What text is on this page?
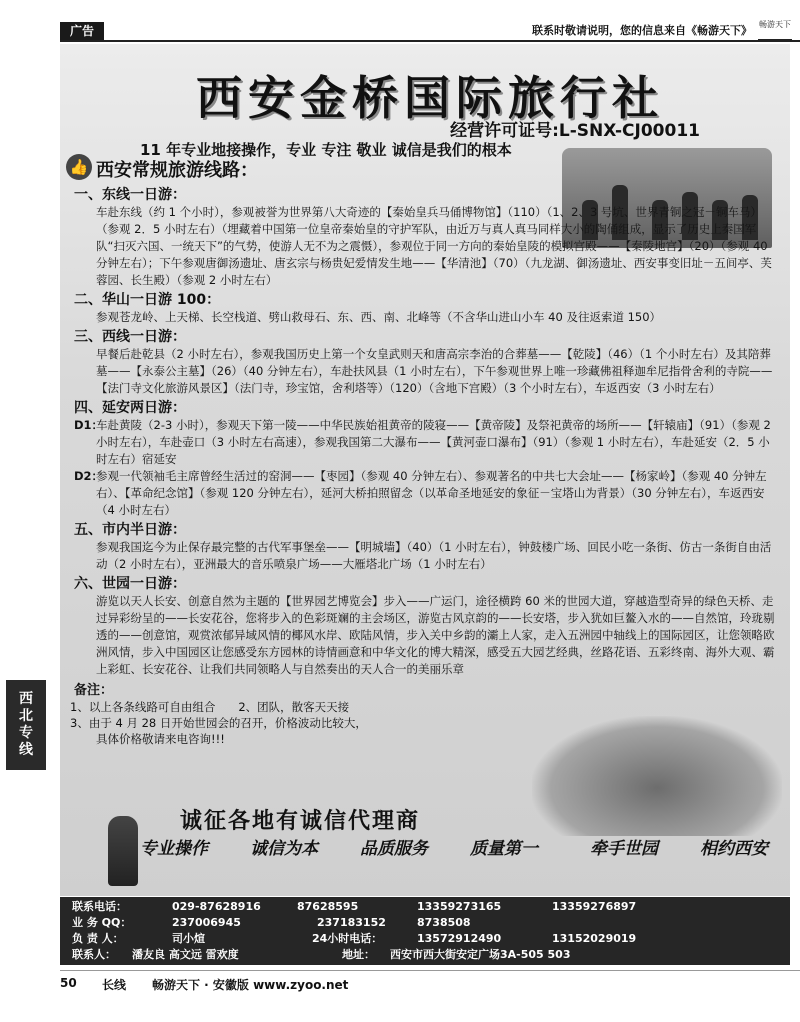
广告	联系时敬请说明，您的信息来自《畅游天下》 畅游天下
西
北
专
线
西安金桥国际旅行社
经营许可证号:L-SNX-CJ00011
11 年专业地接操作，专业 专注 敬业 诚信是我们的根本
👍 西安常规旅游线路：
一、东线一日游：

车赴东线（约 1 个小时），参观被誉为世界第八大奇迹的【秦始皇兵马俑博物馆】（110）（1、2、3 号坑、世界青铜之冠－铜车马）（参观 2．5 小时左右）（埋藏着中国第一位皇帝秦始皇的守护军队，由近万与真人真马同样大小的陶俑组成，显示了历史上秦国军队“扫灭六国、一统天下”的气势，使游人无不为之震慑），参观位于同一方向的秦始皇陵的模拟宫殿——【秦陵地宫】（20）（参观 40 分钟左右）；下午参观唐御汤遗址、唐玄宗与杨贵妃爱情发生地——【华清池】（70）（九龙湖、御汤遗址、西安事变旧址－五间亭、芙蓉园、长生殿）（参观 2 小时左右）

二、华山一日游 100：

参观苍龙岭、上天梯、长空栈道、劈山救母石、东、西、南、北峰等（不含华山进山小车 40 及往返索道 150）

三、西线一日游：

早餐后赴乾县（2 小时左右），参观我国历史上第一个女皇武则天和唐高宗李治的合葬墓——【乾陵】（46）（1 个小时左右）及其陪葬墓——【永泰公主墓】（26）（40 分钟左右），车赴扶风县（1 小时左右），下午参观世界上唯一珍藏佛祖释迦牟尼指骨舍利的寺院——【法门寺文化旅游风景区】（法门寺，珍宝馆，舍利塔等）（120）（含地下宫殿）（3 个小时左右），车返西安（3 小时左右）

四、延安两日游：
D1：

车赴黄陵（2-3 小时），参观天下第一陵——中华民族始祖黄帝的陵寝——【黄帝陵】及祭祀黄帝的场所——【轩辕庙】（91）（参观 2 小时左右），车赴壶口（3 小时左右高速），参观我国第二大瀑布——【黄河壶口瀑布】（91）（参观 1 小时左右），车赴延安（2．5 小时左右）宿延安

D2：

参观一代领袖毛主席曾经生活过的窑洞——【枣园】（参观 40 分钟左右）、参观著名的中共七大会址——【杨家岭】（参观 40 分钟左右）、【革命纪念馆】（参观 120 分钟左右），延河大桥拍照留念（以革命圣地延安的象征－宝塔山为背景）（30 分钟左右），车返西安（4 小时左右）

五、市内半日游：

参观我国迄今为止保存最完整的古代军事堡垒——【明城墙】（40）（1 小时左右），钟鼓楼广场、回民小吃一条街、仿古一条街自由活动（2 小时左右），亚洲最大的音乐喷泉广场——大雁塔北广场（1 小时左右）

六、世园一日游：

游览以天人长安、创意自然为主题的【世界园艺博览会】步入——广运门，途径横跨 60 米的世园大道，穿越造型奇异的绿色天桥、走过异彩纷呈的——长安花谷，您将步入的色彩斑斓的主会场区，游览古风京韵的——长安塔，步入犹如巨鳌入水的——自然馆，玲珑剔透的——创意馆，观赏浓郁异域风情的椰风水岸、欧陆风情，步入关中乡韵的灞上人家，走入五洲园中轴线上的国际园区，让您领略欧洲风情，步入中国园区让您感受东方园林的诗情画意和中华文化的博大精深，感受五大园艺经典，丝路花语、五彩终南、海外大观、霸上彩虹、长安花谷、让我们共同领略人与自然奏出的天人合一的美丽乐章

备注：
1、以上各条线路可自由组合　　2、团队，散客天天接
3、由于 4 月 28 日开始世园会的召开，价格波动比较大，
具体价格敬请来电咨询!!!
诚征各地有诚信代理商
专业操作 诚信为本 品质服务 质量第一	牵手世园 相约西安
联系电话：	029-87628916	87628595	13359273165	13359276897
业 务 QQ：	237006945	237183152	8738508
负 责 人：	司小煊	24小时电话：	13572912490	13152029019
联系人： 潘友良 高文远 雷欢度	地址： 西安市西大街安定广场3A-505 503
50 长线 畅游天下 · 安徽版 www.zyoo.net
